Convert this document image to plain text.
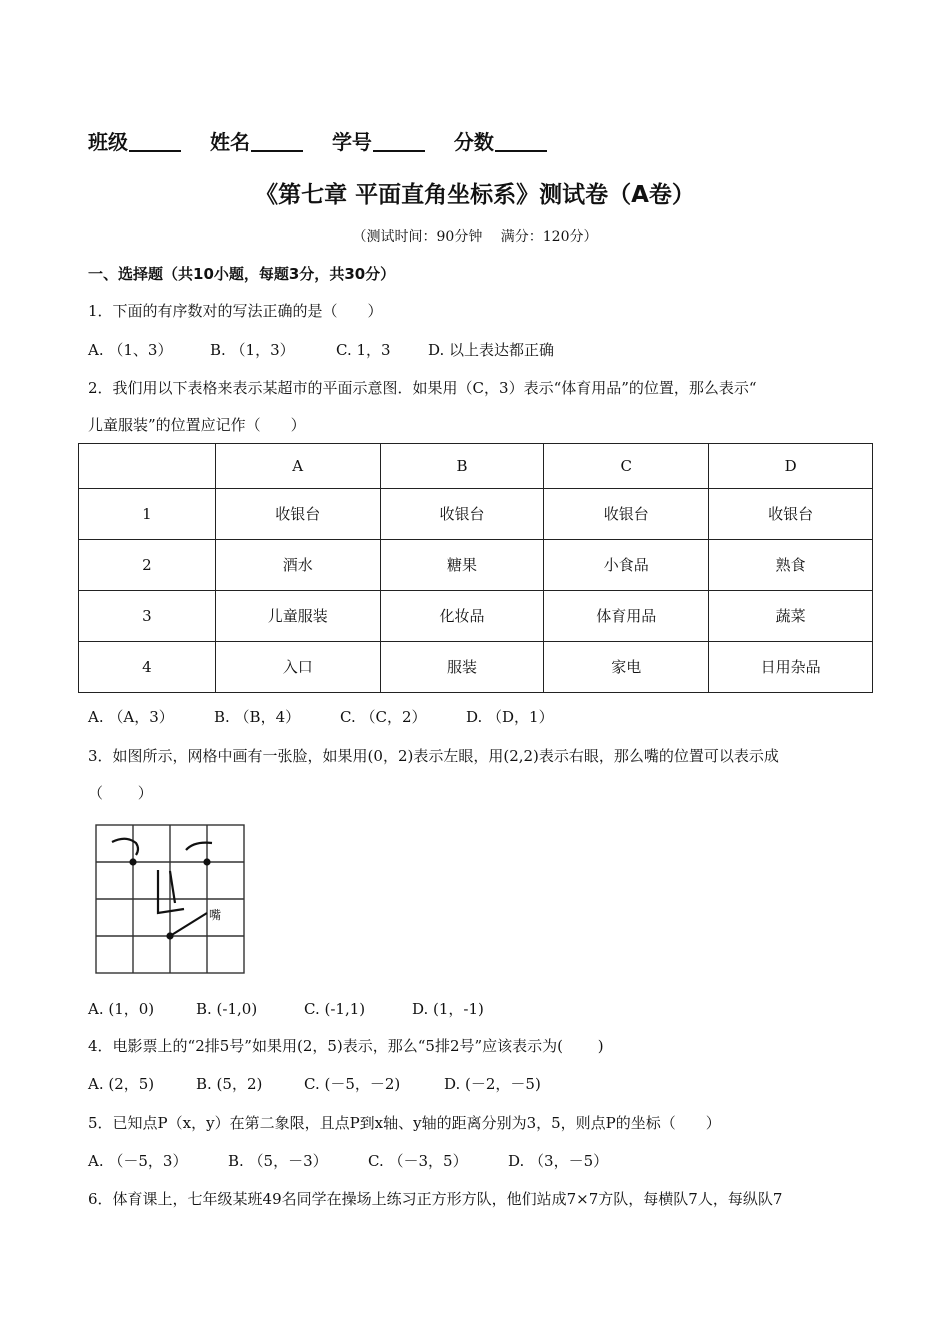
班级	姓名	学号	分数
《第七章 平面直角坐标系》测试卷（A卷）
（测试时间：90分钟　 满分：120分）
一、选择题（共10小题，每题3分，共30分）
1．下面的有序数对的写法正确的是（　　）
A. （1、3）	B. （1，3）	C. 1，3 D. 以上表达都正确
2．我们用以下表格来表示某超市的平面示意图．如果用（C，3）表示“体育用品”的位置，那么表示“
儿童服装”的位置应记作（　　）
	A	B	C	D
1	收银台	收银台	收银台	收银台
2	酒水	糖果	小食品	熟食
3	儿童服装	化妆品	体育用品	蔬菜
4	入口	服装	家电	日用杂品
A. （A，3）	B. （B，4）	C. （C，2）	D. （D，1）
3．如图所示，网格中画有一张脸，如果用(0，2)表示左眼，用(2,2)表示右眼，那么嘴的位置可以表示成
（　　 ）
嘴
A. (1，0)	B. (-1,0)	C. (-1,1)	D. (1，-1)
4．电影票上的“2排5号”如果用(2，5)表示，那么“5排2号”应该表示为(　　 )
A. (2，5)	B. (5，2)	C. (－5，－2)	D. (－2，－5)
5．已知点P（x，y）在第二象限，且点P到x轴、y轴的距离分别为3，5，则点P的坐标（　　）
A. （－5，3）	B. （5，－3）	C. （－3，5）	D. （3，－5）
6．体育课上，七年级某班49名同学在操场上练习正方形方队，他们站成7×7方队，每横队7人，每纵队7
